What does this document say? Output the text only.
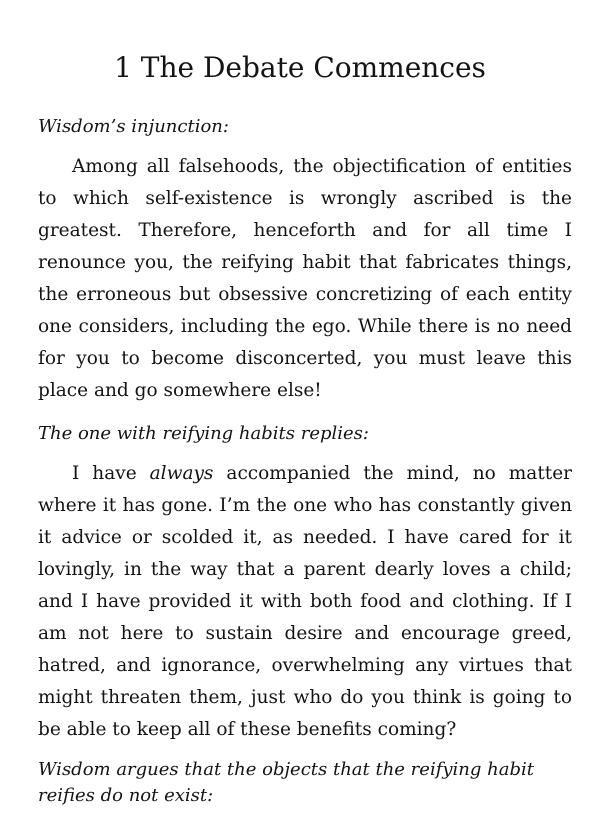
1 The Debate Commences

Wisdom’s injunction:

Among all falsehoods, the objectification of entities to which self-existence is wrongly ascribed is the greatest. Therefore, henceforth and for all time I renounce you, the reifying habit that fabricates things, the erroneous but obsessive concretizing of each entity one considers, including the ego. While there is no need for you to become disconcerted, you must leave this place and go somewhere else!

The one with reifying habits replies:

I have always accompanied the mind, no matter where it has gone. I’m the one who has constantly given it advice or scolded it, as needed. I have cared for it lovingly, in the way that a parent dearly loves a child; and I have provided it with both food and clothing. If I am not here to sustain desire and encourage greed, hatred, and ignorance, overwhelming any virtues that might threaten them, just who do you think is going to be able to keep all of these benefits coming?

Wisdom argues that the objects that the reifying habit reifies do not exist:
